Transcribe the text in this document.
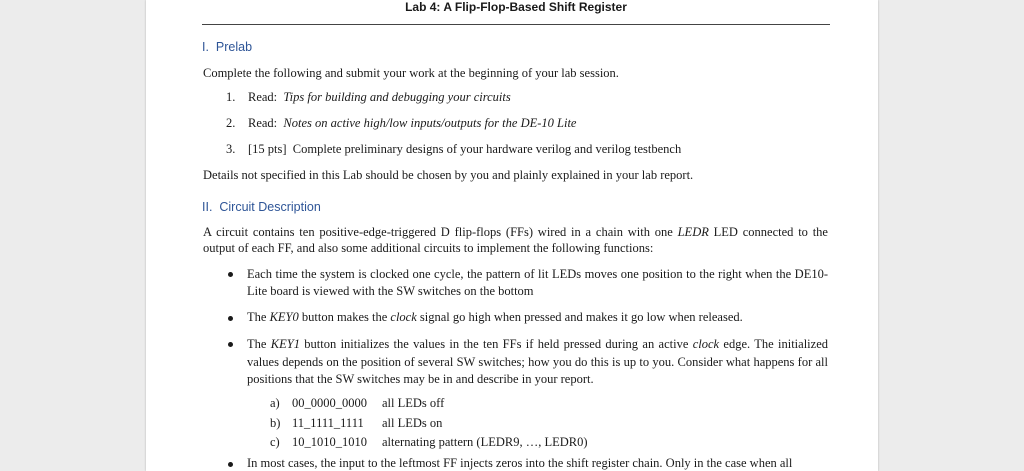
Lab 4: A Flip-Flop-Based Shift Register
I.  Prelab
Complete the following and submit your work at the beginning of your lab session.
1. Read:  Tips for building and debugging your circuits
2. Read:  Notes on active high/low inputs/outputs for the DE-10 Lite
3. [15 pts]  Complete preliminary designs of your hardware verilog and verilog testbench
Details not specified in this Lab should be chosen by you and plainly explained in your lab report.
II.  Circuit Description
A circuit contains ten positive-edge-triggered D flip-flops (FFs) wired in a chain with one LEDR LED connected to the output of each FF, and also some additional circuits to implement the following functions:
Each time the system is clocked one cycle, the pattern of lit LEDs moves one position to the right when the DE10-Lite board is viewed with the SW switches on the bottom
The KEY0 button makes the clock signal go high when pressed and makes it go low when released.
The KEY1 button initializes the values in the ten FFs if held pressed during an active clock edge. The initialized values depends on the position of several SW switches; how you do this is up to you. Consider what happens for all positions that the SW switches may be in and describe in your report.
a) 00_0000_0000 all LEDs off
b) 11_1111_1111 all LEDs on
c) 10_1010_1010 alternating pattern (LEDR9, …, LEDR0)
In most cases, the input to the leftmost FF injects zeros into the shift register chain. Only in the case when all
